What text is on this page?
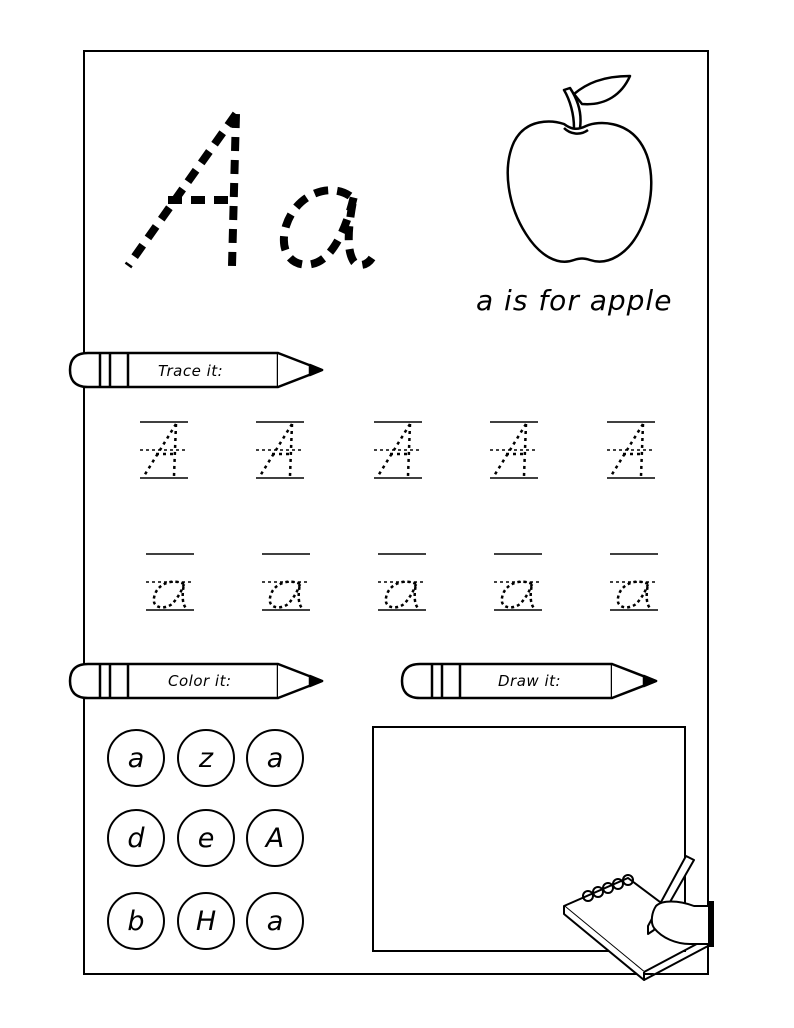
a is for apple
Trace it:
Color it:	Draw it:
a	z	a
d	e	A
b	H	a
